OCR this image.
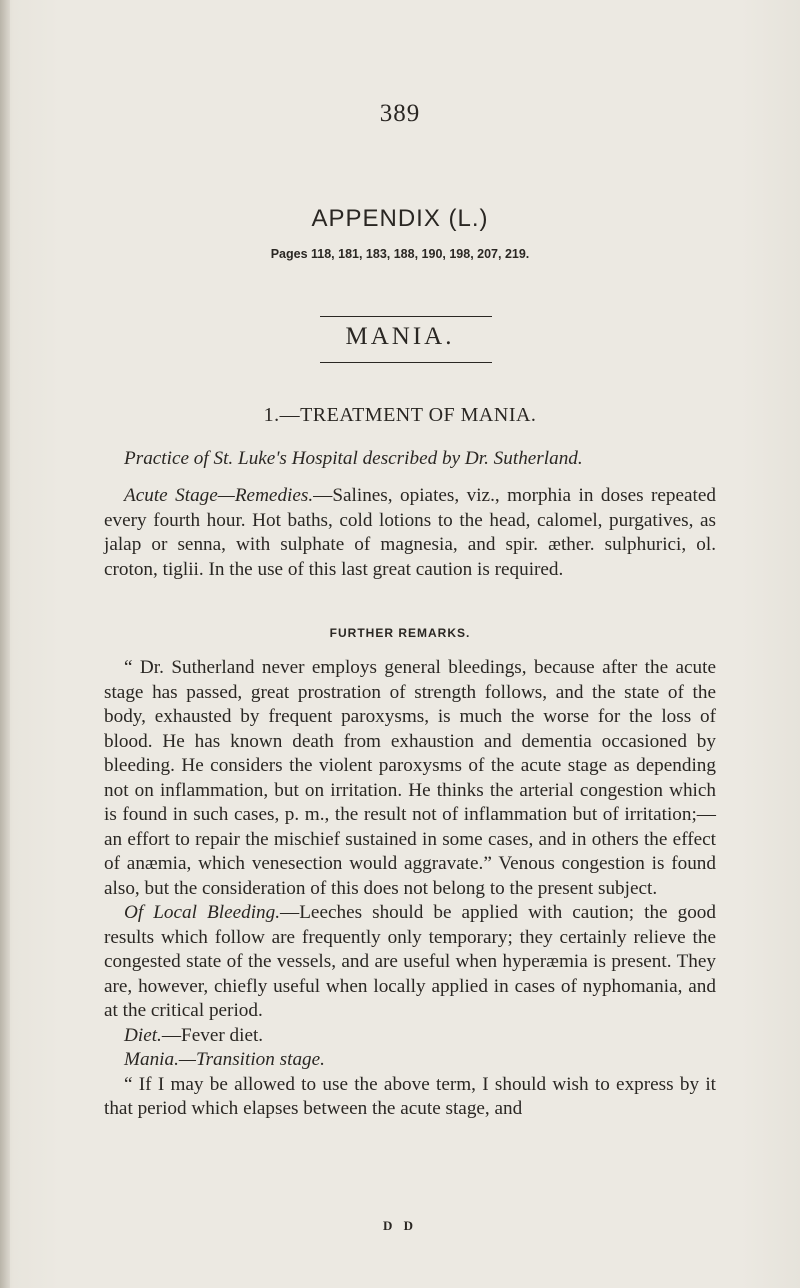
389
APPENDIX (L.)
Pages 118, 181, 183, 188, 190, 198, 207, 219.
MANIA.
1.—TREATMENT OF MANIA.
Practice of St. Luke's Hospital described by Dr. Sutherland.

Acute Stage—Remedies.—Salines, opiates, viz., morphia in doses repeated every fourth hour. Hot baths, cold lotions to the head, calomel, purgatives, as jalap or senna, with sulphate of magnesia, and spir. æther. sulphurici, ol. croton, tiglii. In the use of this last great caution is required.

FURTHER REMARKS.

“ Dr. Sutherland never employs general bleedings, because after the acute stage has passed, great prostration of strength follows, and the state of the body, exhausted by frequent paroxysms, is much the worse for the loss of blood. He has known death from exhaustion and dementia occasioned by bleeding. He considers the violent paroxysms of the acute stage as depending not on inflammation, but on irritation. He thinks the arterial congestion which is found in such cases, p. m., the result not of inflammation but of irritation;—an effort to repair the mischief sustained in some cases, and in others the effect of anæmia, which venesection would aggravate.” Venous congestion is found also, but the consideration of this does not belong to the present subject.

Of Local Bleeding.—Leeches should be applied with caution; the good results which follow are frequently only temporary; they certainly relieve the congested state of the vessels, and are useful when hyperæmia is present. They are, however, chiefly useful when locally applied in cases of nyphomania, and at the critical period.

Diet.—Fever diet.

Mania.—Transition stage.

“ If I may be allowed to use the above term, I should wish to express by it that period which elapses between the acute stage, and

D D
